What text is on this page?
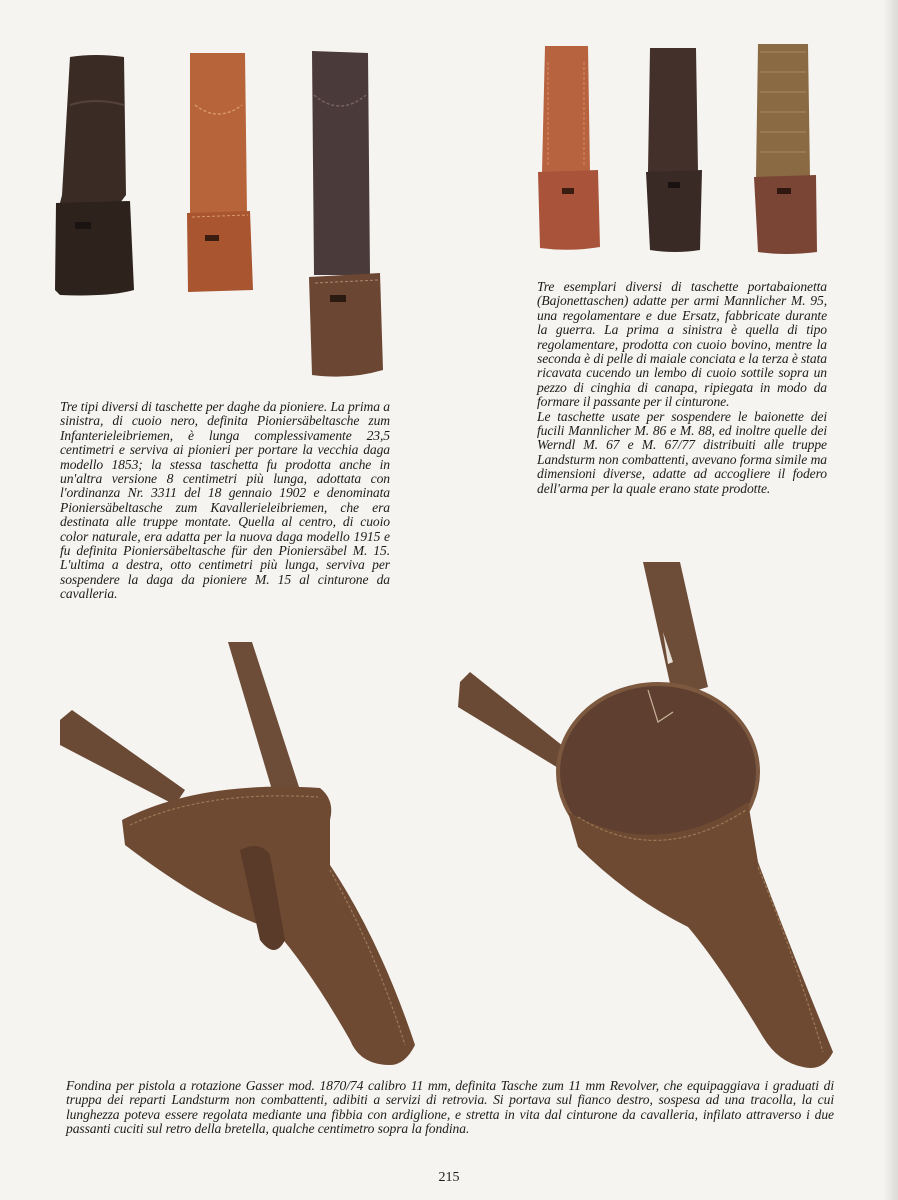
Tre tipi diversi di taschette per daghe da pioniere. La prima a sinistra, di cuoio nero, definita Pioniersäbeltasche zum Infanterieleibriemen, è lunga complessivamente 23,5 centimetri e serviva ai pionieri per portare la vecchia daga modello 1853; la stessa taschetta fu prodotta anche in un'altra versione 8 centimetri più lunga, adottata con l'ordinanza Nr. 3311 del 18 gennaio 1902 e denominata Pioniersäbeltasche zum Kavallerieleibriemen, che era destinata alle truppe montate. Quella al centro, di cuoio color naturale, era adatta per la nuova daga modello 1915 e fu definita Pioniersäbeltasche für den Pioniersäbel M. 15. L'ultima a destra, otto centimetri più lunga, serviva per sospendere la daga da pioniere M. 15 al cinturone da cavalleria.

Tre esemplari diversi di taschette portabaionetta (Bajonettaschen) adatte per armi Mannlicher M. 95, una regolamentare e due Ersatz, fabbricate durante la guerra. La prima a sinistra è quella di tipo regolamentare, prodotta con cuoio bovino, mentre la seconda è di pelle di maiale conciata e la terza è stata ricavata cucendo un lembo di cuoio sottile sopra un pezzo di cinghia di canapa, ripiegata in modo da formare il passante per il cinturone.

Le taschette usate per sospendere le baionette dei fucili Mannlicher M. 86 e M. 88, ed inoltre quelle dei Werndl M. 67 e M. 67/77 distribuiti alle truppe Landsturm non combattenti, avevano forma simile ma dimensioni diverse, adatte ad accogliere il fodero dell'arma per la quale erano state prodotte.

Fondina per pistola a rotazione Gasser mod. 1870/74 calibro 11 mm, definita Tasche zum 11 mm Revolver, che equipaggiava i graduati di truppa dei reparti Landsturm non combattenti, adibiti a servizi di retrovia. Si portava sul fianco destro, sospesa ad una tracolla, la cui lunghezza poteva essere regolata mediante una fibbia con ardiglione, e stretta in vita dal cinturone da cavalleria, infilato attraverso i due passanti cuciti sul retro della bretella, qualche centimetro sopra la fondina.

215
